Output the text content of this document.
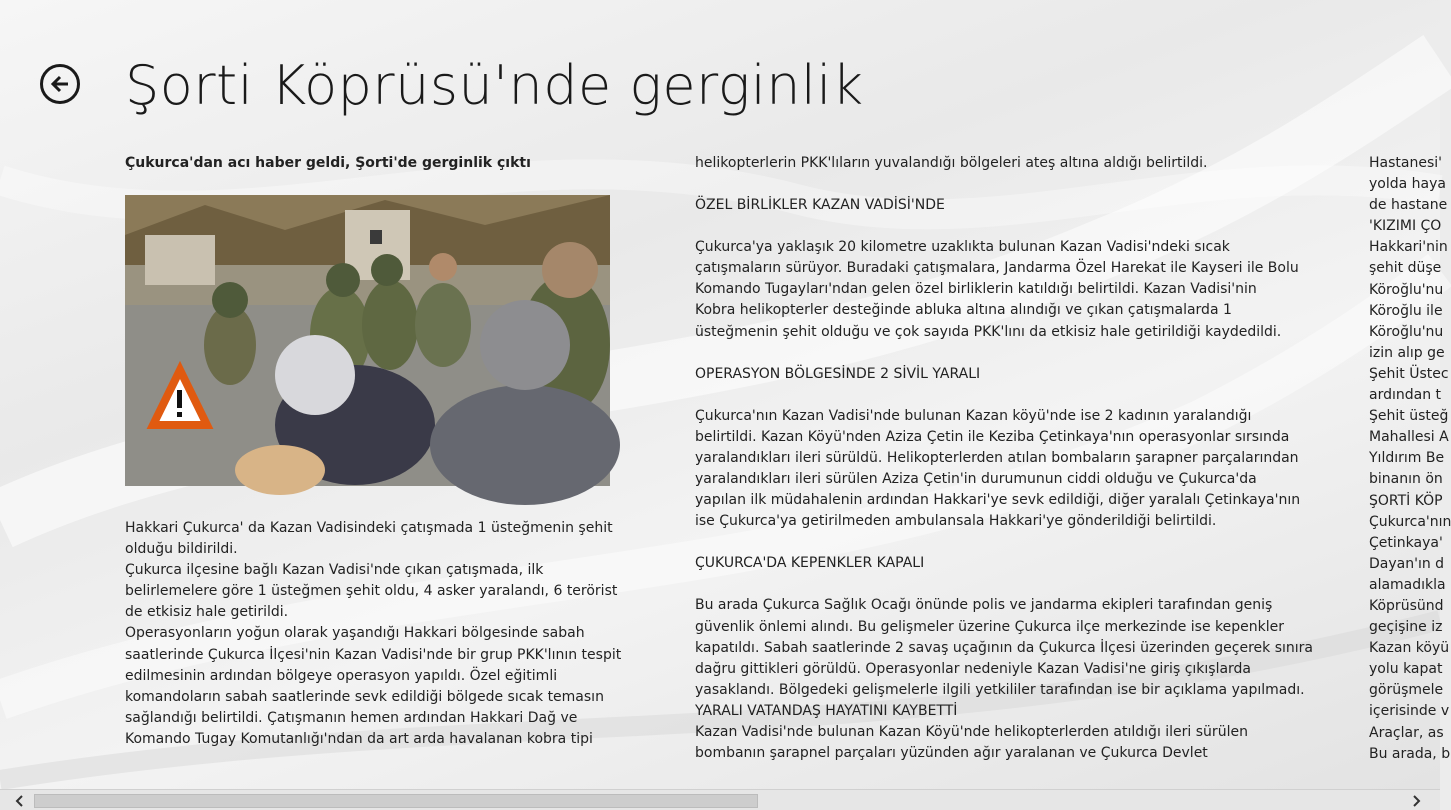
Şorti Köprüsü'nde gerginlik

Çukurca'dan acı haber geldi, Şorti'de gerginlik çıktı

Hakkari Çukurca' da Kazan Vadisindeki çatışmada 1 üsteğmenin şehit

olduğu bildirildi.

Çukurca ilçesine bağlı Kazan Vadisi'nde çıkan çatışmada, ilk

belirlemelere göre 1 üsteğmen şehit oldu, 4 asker yaralandı, 6 terörist

de etkisiz hale getirildi.

Operasyonların yoğun olarak yaşandığı Hakkari bölgesinde sabah

saatlerinde Çukurca İlçesi'nin Kazan Vadisi'nde bir grup PKK'lının tespit

edilmesinin ardından bölgeye operasyon yapıldı. Özel eğitimli

komandoların sabah saatlerinde sevk edildiği bölgede sıcak temasın

sağlandığı belirtildi. Çatışmanın hemen ardından Hakkari Dağ ve

Komando Tugay Komutanlığı'ndan da art arda havalanan kobra tipi

helikopterlerin PKK'lıların yuvalandığı bölgeleri ateş altına aldığı belirtildi.

ÖZEL BİRLİKLER KAZAN VADİSİ'NDE

Çukurca'ya yaklaşık 20 kilometre uzaklıkta bulunan Kazan Vadisi'ndeki sıcak

çatışmaların sürüyor. Buradaki çatışmalara, Jandarma Özel Harekat ile Kayseri ile Bolu

Komando Tugayları'ndan gelen özel birliklerin katıldığı belirtildi. Kazan Vadisi'nin

Kobra helikopterler desteğinde abluka altına alındığı ve çıkan çatışmalarda 1

üsteğmenin şehit olduğu ve çok sayıda PKK'lını da etkisiz hale getirildiği kaydedildi.

OPERASYON BÖLGESİNDE 2 SİVİL YARALI

Çukurca'nın Kazan Vadisi'nde bulunan Kazan köyü'nde ise 2 kadının yaralandığı

belirtildi. Kazan Köyü'nden Aziza Çetin ile Keziba Çetinkaya'nın operasyonlar sırsında

yaralandıkları ileri sürüldü. Helikopterlerden atılan bombaların şarapner parçalarından

yaralandıkları ileri sürülen Aziza Çetin'in durumunun ciddi olduğu ve Çukurca'da

yapılan ilk müdahalenin ardından Hakkari'ye sevk edildiği, diğer yaralalı Çetinkaya'nın

ise Çukurca'ya getirilmeden ambulansala Hakkari'ye gönderildiği belirtildi.

ÇUKURCA'DA KEPENKLER KAPALI

Bu arada Çukurca Sağlık Ocağı önünde polis ve jandarma ekipleri tarafından geniş

güvenlik önlemi alındı. Bu gelişmeler üzerine Çukurca ilçe merkezinde ise kepenkler

kapatıldı. Sabah saatlerinde 2 savaş uçağının da Çukurca İlçesi üzerinden geçerek sınıra

dağru gittikleri görüldü. Operasyonlar nedeniyle Kazan Vadisi'ne giriş çıkışlarda

yasaklandı. Bölgedeki gelişmelerle ilgili yetkililer tarafından ise bir açıklama yapılmadı.

YARALI VATANDAŞ HAYATINI KAYBETTİ

Kazan Vadisi'nde bulunan Kazan Köyü'nde helikopterlerden atıldığı ileri sürülen

bombanın şarapnel parçaları yüzünden ağır yaralanan ve Çukurca Devlet

Hastanesi'

yolda haya

de hastane

'KIZIMI ÇO

Hakkari'nin

şehit düşe

Köroğlu'nu

Köroğlu ile

Köroğlu'nu

izin alıp ge

Şehit Üstec

ardından t

Şehit üsteğ

Mahallesi A

Yıldırım Be

binanın ön

ŞORTİ KÖP

Çukurca'nın

Çetinkaya'

Dayan'ın d

alamadıkla

Köprüsünd

geçişine iz

Kazan köyü

yolu kapat

görüşmele

içerisinde v

Araçlar, as

Bu arada, b
